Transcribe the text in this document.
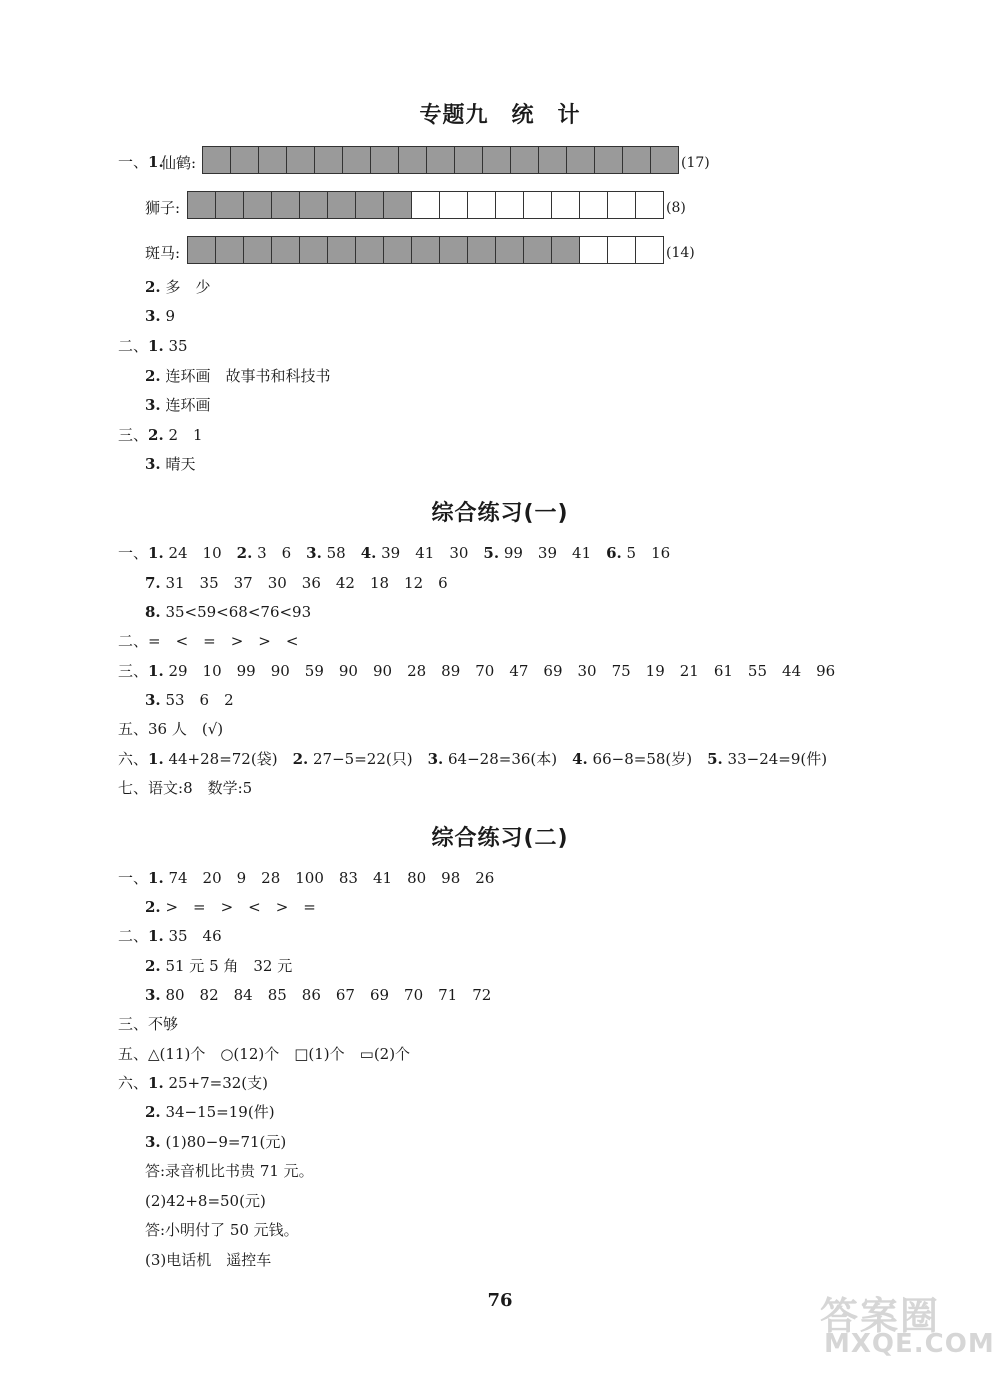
专题九　统　计
一、1.
仙鹤:	(17)
狮子:	(8)
斑马:	(14)
2. 多　少
3. 9
二、1. 35
2. 连环画　故事书和科技书
3. 连环画
三、2. 2　1
3. 晴天
综合练习(一)
一、1. 24　10　2. 3　6　3. 58　4. 39　41　30　5. 99　39　41　6. 5　16
7. 31　35　37　30　36　42　18　12　6
8. 35<59<68<76<93
二、=　<　=　>　>　<
三、1. 29　10　99　90　59　90　90　28　89　70　47　69　30　75　19　21　61　55　44　96
3. 53　6　2
五、36 人　(√)
六、1. 44+28=72(袋)　2. 27−5=22(只)　3. 64−28=36(本)　4. 66−8=58(岁)　5. 33−24=9(件)
七、语文:8　数学:5
综合练习(二)
一、1. 74　20　9　28　100　83　41　80　98　26
2. >　=　>　<　>　=
二、1. 35　46
2. 51 元 5 角　32 元
3. 80　82　84　85　86　67　69　70　71　72
三、不够
五、△(11)个　○(12)个　□(1)个　▭(2)个
六、1. 25+7=32(支)
2. 34−15=19(件)
3. (1)80−9=71(元)
答:录音机比书贵 71 元。
(2)42+8=50(元)
答:小明付了 50 元钱。
(3)电话机　遥控车
76	答案圈
MXQE.COM
